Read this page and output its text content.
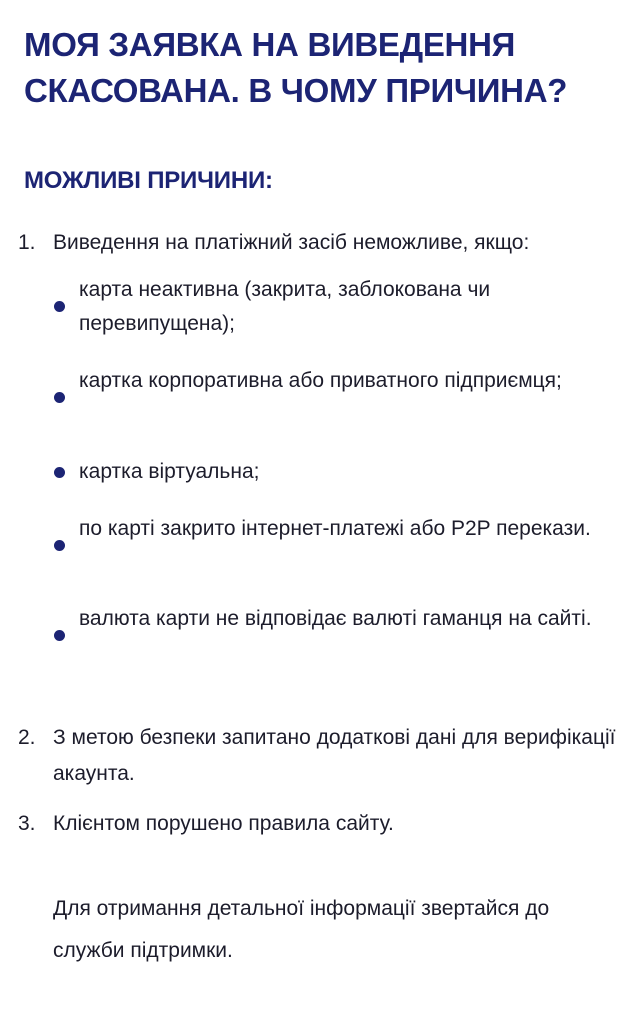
МОЯ ЗАЯВКА НА ВИВЕДЕННЯ СКАСОВАНА. В ЧОМУ ПРИЧИНА?
МОЖЛИВІ ПРИЧИНИ:
1. Виведення на платіжний засіб неможливе, якщо:
карта неактивна (закрита, заблокована чи перевипущена);
картка корпоративна або приватного підприємця;
картка віртуальна;
по карті закрито інтернет-платежі або P2P перекази.
валюта карти не відповідає валюті гаманця на сайті.
2. З метою безпеки запитано додаткові дані для верифікації акаунта.
3. Клієнтом порушено правила сайту.
Для отримання детальної інформації звертайся до служби підтримки.
